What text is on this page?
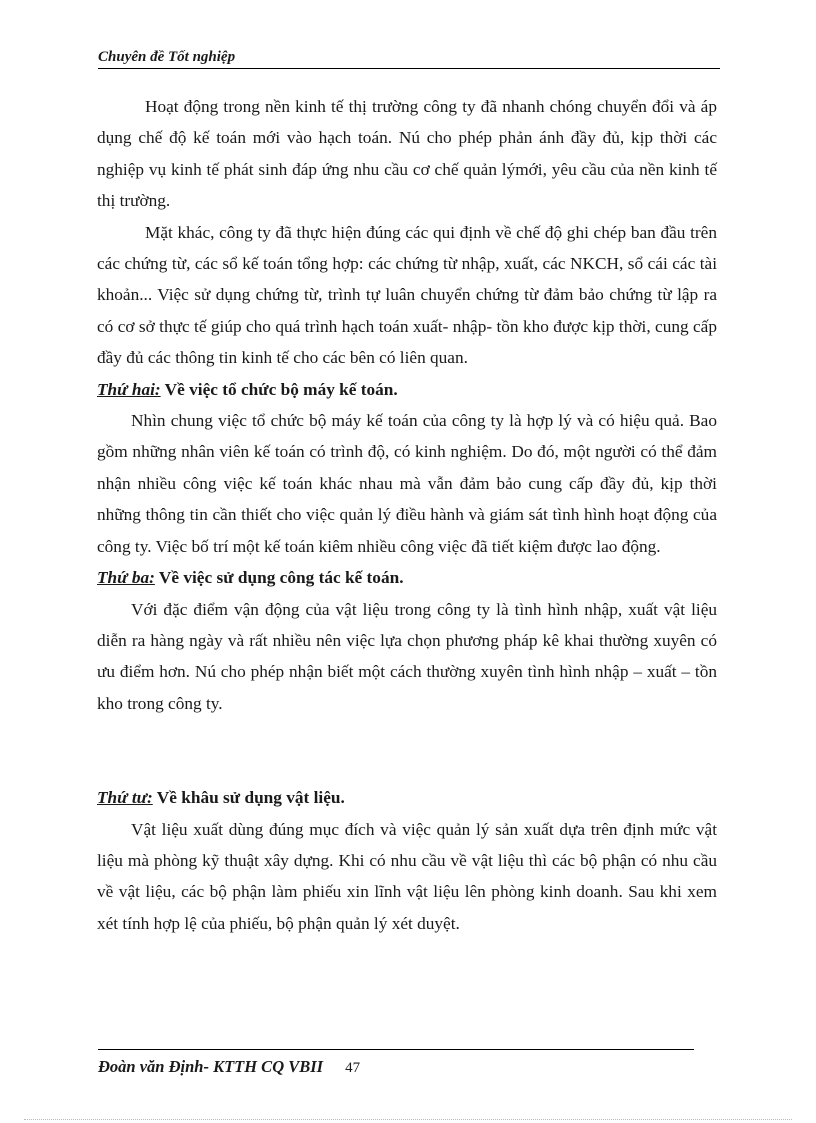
Chuyên đề Tốt nghiệp

Hoạt động trong nền kinh tế thị trường công ty đã nhanh chóng chuyển đổi và áp dụng chế độ kế toán mới vào hạch toán. Nú cho phép phản ánh đầy đủ, kịp thời các nghiệp vụ kinh tế phát sinh đáp ứng nhu cầu cơ chế quản lýmới, yêu cầu của nền kinh tế thị trường.

Mặt khác, công ty đã thực hiện đúng các qui định về chế độ ghi chép ban đầu trên các chứng từ, các sổ kế toán tổng hợp: các chứng từ nhập, xuất, các NKCH, sổ cái các tài khoản... Việc sử dụng chứng từ, trình tự luân chuyển chứng từ đảm bảo chứng từ lập ra có cơ sở thực tế giúp cho quá trình hạch toán xuất- nhập- tồn kho được kịp thời, cung cấp đầy đủ các thông tin kinh tế cho các bên có liên quan.

Thứ hai: Về việc tổ chức bộ máy kế toán.

Nhìn chung việc tổ chức bộ máy kế toán của công ty là hợp lý và có hiệu quả. Bao gồm những nhân viên kế toán có trình độ, có kinh nghiệm. Do đó, một người có thể đảm nhận nhiều công việc kế toán khác nhau mà vẫn đảm bảo cung cấp đầy đủ, kịp thời những thông tin cần thiết cho việc quản lý điều hành và giám sát tình hình hoạt động của công ty. Việc bố trí một kế toán kiêm nhiều công việc đã tiết kiệm được lao động.

Thứ ba: Về việc sử dụng công tác kế toán.

Với đặc điểm vận động của vật liệu trong công ty là tình hình nhập, xuất vật liệu diễn ra hàng ngày và rất nhiều nên việc lựa chọn phương pháp kê khai thường xuyên có ưu điểm hơn. Nú cho phép nhận biết một cách thường xuyên tình hình nhập – xuất – tồn kho trong công ty.

Thứ tư: Về khâu sử dụng vật liệu.

Vật liệu xuất dùng đúng mục đích và việc quản lý sản xuất dựa trên định mức vật liệu mà phòng kỹ thuật xây dựng. Khi có nhu cầu về vật liệu thì các bộ phận có nhu cầu về vật liệu, các bộ phận làm phiếu xin lĩnh vật liệu lên phòng kinh doanh. Sau khi xem xét tính hợp lệ của phiếu, bộ phận quản lý xét duyệt.

Đoàn văn Định- KTTH CQ VBII 47
